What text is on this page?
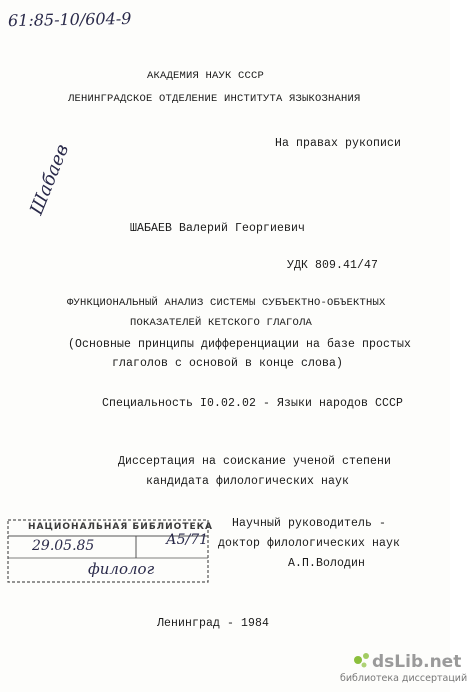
61:85-10/604-9
АКАДЕМИЯ НАУК СССР
ЛЕНИНГРАДСКОЕ ОТДЕЛЕНИЕ ИНСТИТУТА ЯЗЫКОЗНАНИЯ
На правах рукописи
Шабаев
ШАБАЕВ Валерий Георгиевич
УДК 809.41/47
ФУНКЦИОНАЛЬНЫЙ АНАЛИЗ СИСТЕМЫ СУБЪЕКТНО-ОБЪЕКТНЫХ
ПОКАЗАТЕЛЕЙ КЕТСКОГО ГЛАГОЛА
(Основные принципы дифференциации на базе простых
глаголов с основой в конце слова)
Специальность I0.02.02 - Языки народов СССР
Диссертация на соискание ученой степени
кандидата филологических наук
НАЦИОНАЛЬНАЯ БИБЛИОТЕКА
29.05.85	А5/71
филолог
Научный руководитель -
доктор филологических наук
А.П.Володин
Ленинград - 1984
dsLib.net
библиотека диссертаций
